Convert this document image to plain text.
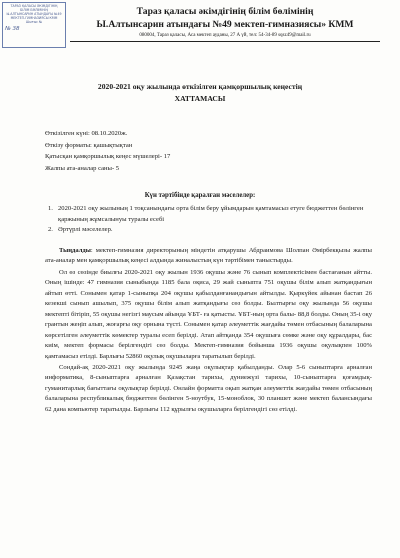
ТАРАЗ ҚАЛАСЫ ӘКІМДІГІНІҢ
БІЛІМ БӨЛІМІНІҢ
Ы.АЛТЫНСАРИН АТЫНДАҒЫ №49
МЕКТЕП-ГИМНАЗИЯСЫ КММ
Шығыс №
№ 38
Тараз қаласы әкімдігінің білім бөлімінің
Ы.Алтынсарин атындағы №49 мектеп-гимназиясы» КММ
080004, Тараз қаласы, Аса мектеп ауданы, 27 А үй, тел: 54-34-89 sqsz49@mail.ru
2020-2021 оқу жылында өткізілген қамқоршылық кеңестің
ХАТТАМАСЫ
Өткізілген күні: 08.10.2020ж.
Өткізу форматы: қашықтықтан
Қатысқан қамқоршылық кеңес мүшелері- 17
Жалпы ата-аналар саны- 5
Күн тәртібінде қаралған мәселелер:
1. 2020-2021 оқу жылының 1 тоқсанындағы орта білім беру ұйымдарын қамтамасыз етуге бюджеттен бөлінген қаржының жұмсалынуы туралы есебі
2. Әртүрлі мәселелер.

Тыңдалды: мектеп-гимназия директорының міндетін атқарушы Абдраимова Шолпан Әмірбекқызы жалпы ата-аналар мен қамқоршылық кеңесі алдында жиналыстың күн тәртібімен таныстырды.

Ол өз сөзінде биылғы 2020-2021 оқу жылын 1936 оқушы және 76 сынып комплектісімен бастағанын айтты. Оның ішінде: 47 гимназия сыныбында 1185 бала оқиса, 29 жай сыныпта 751 оқушы білім алып жатқандығын айтып өтті. Сонымен қатар 1-сыныпқа 204 оқушы қабылданғанандығын айтылды. Қыркүйек айынан бастап 26 кезекші сынып ашылып, 375 оқушы білім алып жатқандығы сөз болды. Былтырғы оқу жылында 56 оқушы мектепті бітіріп, 55 оқушы негізгі маусым айында ҰБТ- ға қатысты. ҰБТ-ның орта балы- 88,8 болды. Оның 35-і оқу грантын жеңіп алып, жоғарғы оқу орнына түсті. Сонымен қатар әлеуметтік жағдайы төмен отбасының балаларына көрсетілген әлеуметтік көмектер туралы есеп берілді. Атап айтқанда 354 оқушыға сөмке және оқу құралдары, бас киім, мектеп формасы берілгендігі сөз болды. Мектеп-гимназия бойынша 1936 оқушы оқулықпен 100% қамтамасыз етілді. Барлығы 52860 оқулық оқушыларға таратылып берілді.

Сондай-ақ 2020-2021 оқу жылында 9245 жаңа оқулықтар қабылданды. Олар 5-6 сыныптарға арналған информатика, 8-сыныптарға арналған Қазақстан тарихы, дүниежүзі тарихы, 10-сыныптарға қоғамдық-гуманитарлық бағыттағы оқулықтар берілді. Онлайн форматта оқып жатқан әлеуметтік жағдайы төмен отбасының балаларына республикалық бюджеттен бөлінген 5-ноутбук, 15-моноблок, 30 планшет және мектеп балансындағы 62 дана компьютер таратылды. Барлығы 112 құрылғы оқушыларға берілгендігі сөз етілді.
